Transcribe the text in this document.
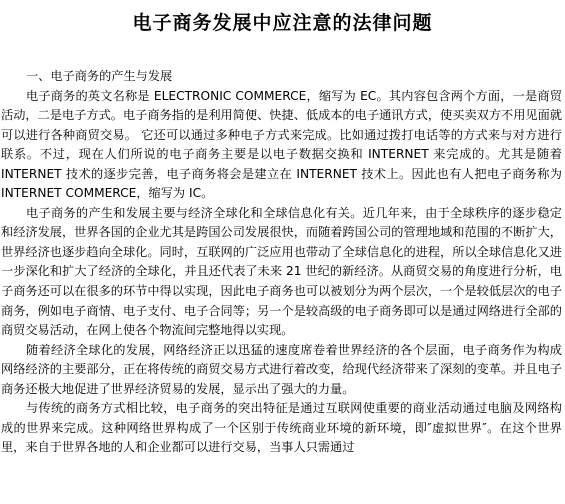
电子商务发展中应注意的法律问题

一、电子商务的产生与发展

电子商务的英文名称是 ELECTRONIC COMMERCE，缩写为 EC。其内容包含两个方面，一是商贸活动，二是电子方式。电子商务指的是利用简便、快捷、低成本的电子通讯方式，使买卖双方不用见面就可以进行各种商贸交易。 它还可以通过多种电子方式来完成。比如通过拨打电话等的方式来与对方进行联系。不过，现在人们所说的电子商务主要是以电子数据交换和 INTERNET 来完成的。尤其是随着 INTERNET 技术的逐步完善，电子商务将会是建立在 INTERNET 技术上。因此也有人把电子商务称为 INTERNET COMMERCE，缩写为 IC。

电子商务的产生和发展主要与经济全球化和全球信息化有关。近几年来，由于全球秩序的逐步稳定和经济发展，世界各国的企业尤其是跨国公司发展很快，而随着跨国公司的管理地域和范围的不断扩大，世界经济也逐步趋向全球化。同时，互联网的广泛应用也带动了全球信息化的进程，所以全球信息化又进一步深化和扩大了经济的全球化，并且还代表了未来 21 世纪的新经济。从商贸交易的角度进行分析，电子商务还可以在很多的环节中得以实现，因此电子商务也可以被划分为两个层次，一个是较低层次的电子商务，例如电子商情、电子支付、电子合同等；另一个是较高级的电子商务即可以是通过网络进行全部的商贸交易活动，在网上使各个物流间完整地得以实现。

随着经济全球化的发展，网络经济正以迅猛的速度席卷着世界经济的各个层面，电子商务作为构成网络经济的主要部分，正在将传统的商贸交易方式进行着改变，给现代经济带来了深刻的变革。并且电子商务还极大地促进了世界经济贸易的发展，显示出了强大的力量。

与传统的商务方式相比较，电子商务的突出特征是通过互联网使重要的商业活动通过电脑及网络构成的世界来完成。这种网络世界构成了一个区别于传统商业环境的新环境，即″虚拟世界″。在这个世界里，来自于世界各地的人和企业都可以进行交易，当事人只需通过
